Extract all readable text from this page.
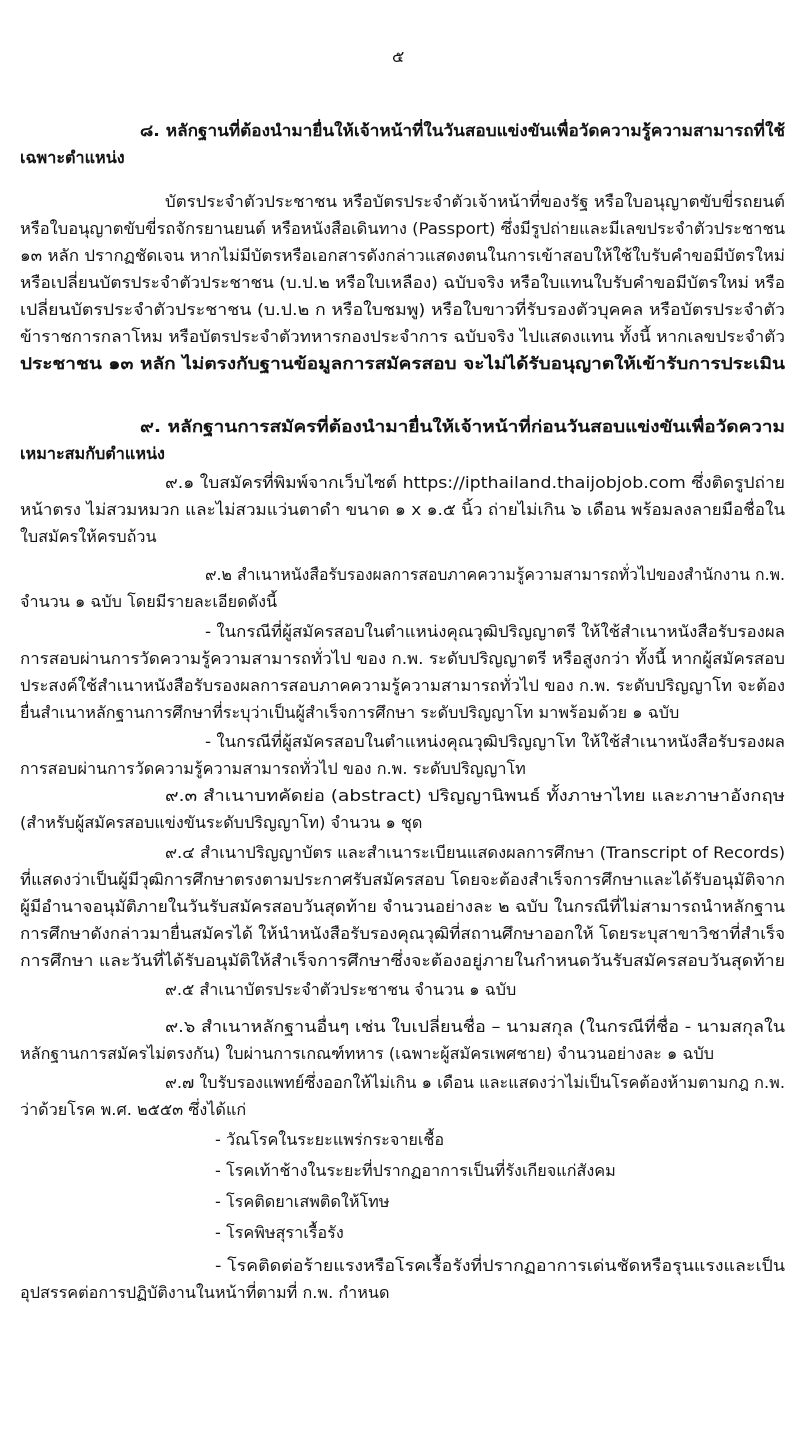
๕
๘. หลักฐานที่ต้องนำมายื่นให้เจ้าหน้าที่ในวันสอบแข่งขันเพื่อวัดความรู้ความสามารถที่ใช้
เฉพาะตำแหน่ง
บัตรประจำตัวประชาชน หรือบัตรประจำตัวเจ้าหน้าที่ของรัฐ หรือใบอนุญาตขับขี่รถยนต์
หรือใบอนุญาตขับขี่รถจักรยานยนต์ หรือหนังสือเดินทาง (Passport) ซึ่งมีรูปถ่ายและมีเลขประจำตัวประชาชน
๑๓ หลัก ปรากฏชัดเจน หากไม่มีบัตรหรือเอกสารดังกล่าวแสดงตนในการเข้าสอบให้ใช้ใบรับคำขอมีบัตรใหม่
หรือเปลี่ยนบัตรประจำตัวประชาชน (บ.ป.๒ หรือใบเหลือง) ฉบับจริง หรือใบแทนใบรับคำขอมีบัตรใหม่ หรือ
เปลี่ยนบัตรประจำตัวประชาชน (บ.ป.๒ ก หรือใบชมพู) หรือใบขาวที่รับรองตัวบุคคล หรือบัตรประจำตัว
ข้าราชการกลาโหม หรือบัตรประจำตัวทหารกองประจำการ ฉบับจริง ไปแสดงแทน ทั้งนี้ หากเลขประจำตัว
ประชาชน ๑๓ หลัก ไม่ตรงกับฐานข้อมูลการสมัครสอบ จะไม่ได้รับอนุญาตให้เข้ารับการประเมิน
๙. หลักฐานการสมัครที่ต้องนำมายื่นให้เจ้าหน้าที่ก่อนวันสอบแข่งขันเพื่อวัดความ
เหมาะสมกับตำแหน่ง
๙.๑ ใบสมัครที่พิมพ์จากเว็บไซต์ https://ipthailand.thaijobjob.com ซึ่งติดรูปถ่าย
หน้าตรง ไม่สวมหมวก และไม่สวมแว่นตาดำ ขนาด ๑ x ๑.๕ นิ้ว ถ่ายไม่เกิน ๖ เดือน พร้อมลงลายมือชื่อใน
ใบสมัครให้ครบถ้วน
๙.๒ สำเนาหนังสือรับรองผลการสอบภาคความรู้ความสามารถทั่วไปของสำนักงาน ก.พ.
จำนวน ๑ ฉบับ โดยมีรายละเอียดดังนี้
- ในกรณีที่ผู้สมัครสอบในตำแหน่งคุณวุฒิปริญญาตรี ให้ใช้สำเนาหนังสือรับรองผล
การสอบผ่านการวัดความรู้ความสามารถทั่วไป ของ ก.พ. ระดับปริญญาตรี หรือสูงกว่า ทั้งนี้ หากผู้สมัครสอบ
ประสงค์ใช้สำเนาหนังสือรับรองผลการสอบภาคความรู้ความสามารถทั่วไป ของ ก.พ. ระดับปริญญาโท จะต้อง
ยื่นสำเนาหลักฐานการศึกษาที่ระบุว่าเป็นผู้สำเร็จการศึกษา ระดับปริญญาโท มาพร้อมด้วย ๑ ฉบับ
- ในกรณีที่ผู้สมัครสอบในตำแหน่งคุณวุฒิปริญญาโท ให้ใช้สำเนาหนังสือรับรองผล
การสอบผ่านการวัดความรู้ความสามารถทั่วไป ของ ก.พ. ระดับปริญญาโท
๙.๓ สำเนาบทคัดย่อ (abstract) ปริญญานิพนธ์ ทั้งภาษาไทย และภาษาอังกฤษ
(สำหรับผู้สมัครสอบแข่งขันระดับปริญญาโท) จำนวน ๑ ชุด
๙.๔ สำเนาปริญญาบัตร และสำเนาระเบียนแสดงผลการศึกษา (Transcript of Records)
ที่แสดงว่าเป็นผู้มีวุฒิการศึกษาตรงตามประกาศรับสมัครสอบ โดยจะต้องสำเร็จการศึกษาและได้รับอนุมัติจาก
ผู้มีอำนาจอนุมัติภายในวันรับสมัครสอบวันสุดท้าย จำนวนอย่างละ ๒ ฉบับ ในกรณีที่ไม่สามารถนำหลักฐาน
การศึกษาดังกล่าวมายื่นสมัครได้ ให้นำหนังสือรับรองคุณวุฒิที่สถานศึกษาออกให้ โดยระบุสาขาวิชาที่สำเร็จ
การศึกษา และวันที่ได้รับอนุมัติให้สำเร็จการศึกษาซึ่งจะต้องอยู่ภายในกำหนดวันรับสมัครสอบวันสุดท้าย
๙.๕ สำเนาบัตรประจำตัวประชาชน จำนวน ๑ ฉบับ
๙.๖ สำเนาหลักฐานอื่นๆ เช่น ใบเปลี่ยนชื่อ – นามสกุล (ในกรณีที่ชื่อ - นามสกุลใน
หลักฐานการสมัครไม่ตรงกัน) ใบผ่านการเกณฑ์ทหาร (เฉพาะผู้สมัครเพศชาย) จำนวนอย่างละ ๑ ฉบับ
๙.๗ ใบรับรองแพทย์ซึ่งออกให้ไม่เกิน ๑ เดือน และแสดงว่าไม่เป็นโรคต้องห้ามตามกฎ ก.พ.
ว่าด้วยโรค พ.ศ. ๒๕๕๓ ซึ่งได้แก่
- วัณโรคในระยะแพร่กระจายเชื้อ
- โรคเท้าช้างในระยะที่ปรากฏอาการเป็นที่รังเกียจแก่สังคม
- โรคติดยาเสพติดให้โทษ
- โรคพิษสุราเรื้อรัง
- โรคติดต่อร้ายแรงหรือโรคเรื้อรังที่ปรากฏอาการเด่นชัดหรือรุนแรงและเป็น
อุปสรรคต่อการปฏิบัติงานในหน้าที่ตามที่ ก.พ. กำหนด
